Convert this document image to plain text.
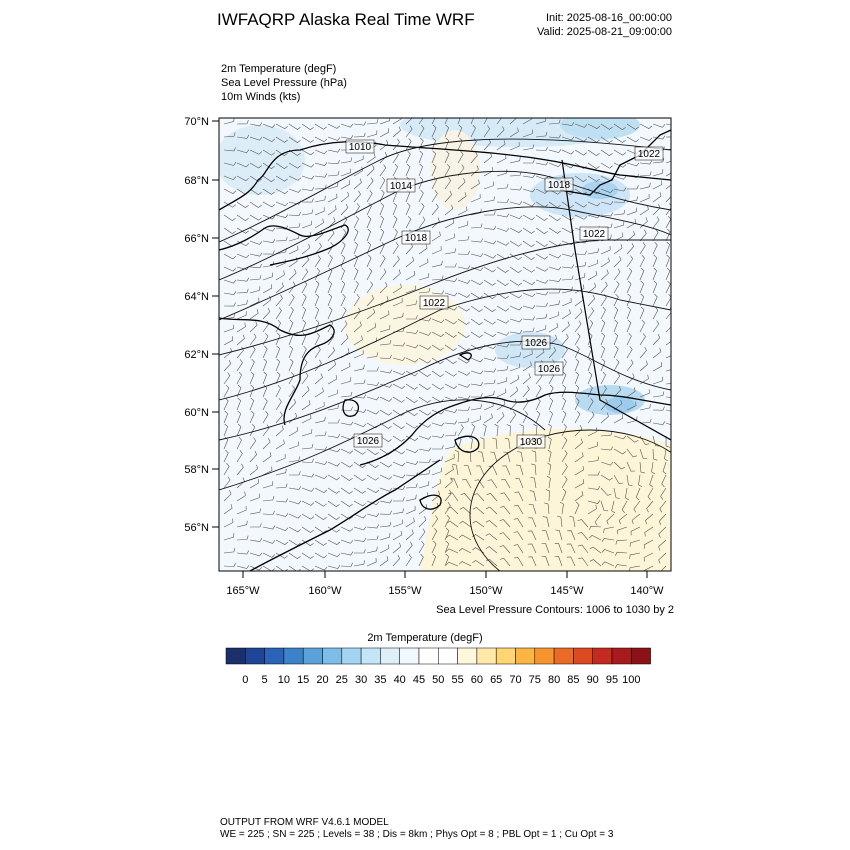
IWFAQRP Alaska Real Time WRF	Init: 2025-08-16_00:00:00
Valid: 2025-08-21_09:00:00
2m Temperature (degF)
Sea Level Pressure (hPa)
10m Winds (kts)
1010
1014	1018
1018
1022
1022
1022
1026
1026
1026	1030
70°N
68°N
66°N
64°N
62°N
60°N
58°N
56°N
165°W	160°W	155°W	150°W	145°W	140°W
0 5 10 15 20 25 30 35 40 45 50 55 60 65 70 75 80 85 90 95 100
Sea Level Pressure Contours: 1006 to 1030 by 2
2m Temperature (degF)
OUTPUT FROM WRF V4.6.1 MODEL
WE = 225 ; SN = 225 ; Levels = 38 ; Dis = 8km ; Phys Opt = 8 ; PBL Opt = 1 ; Cu Opt = 3
